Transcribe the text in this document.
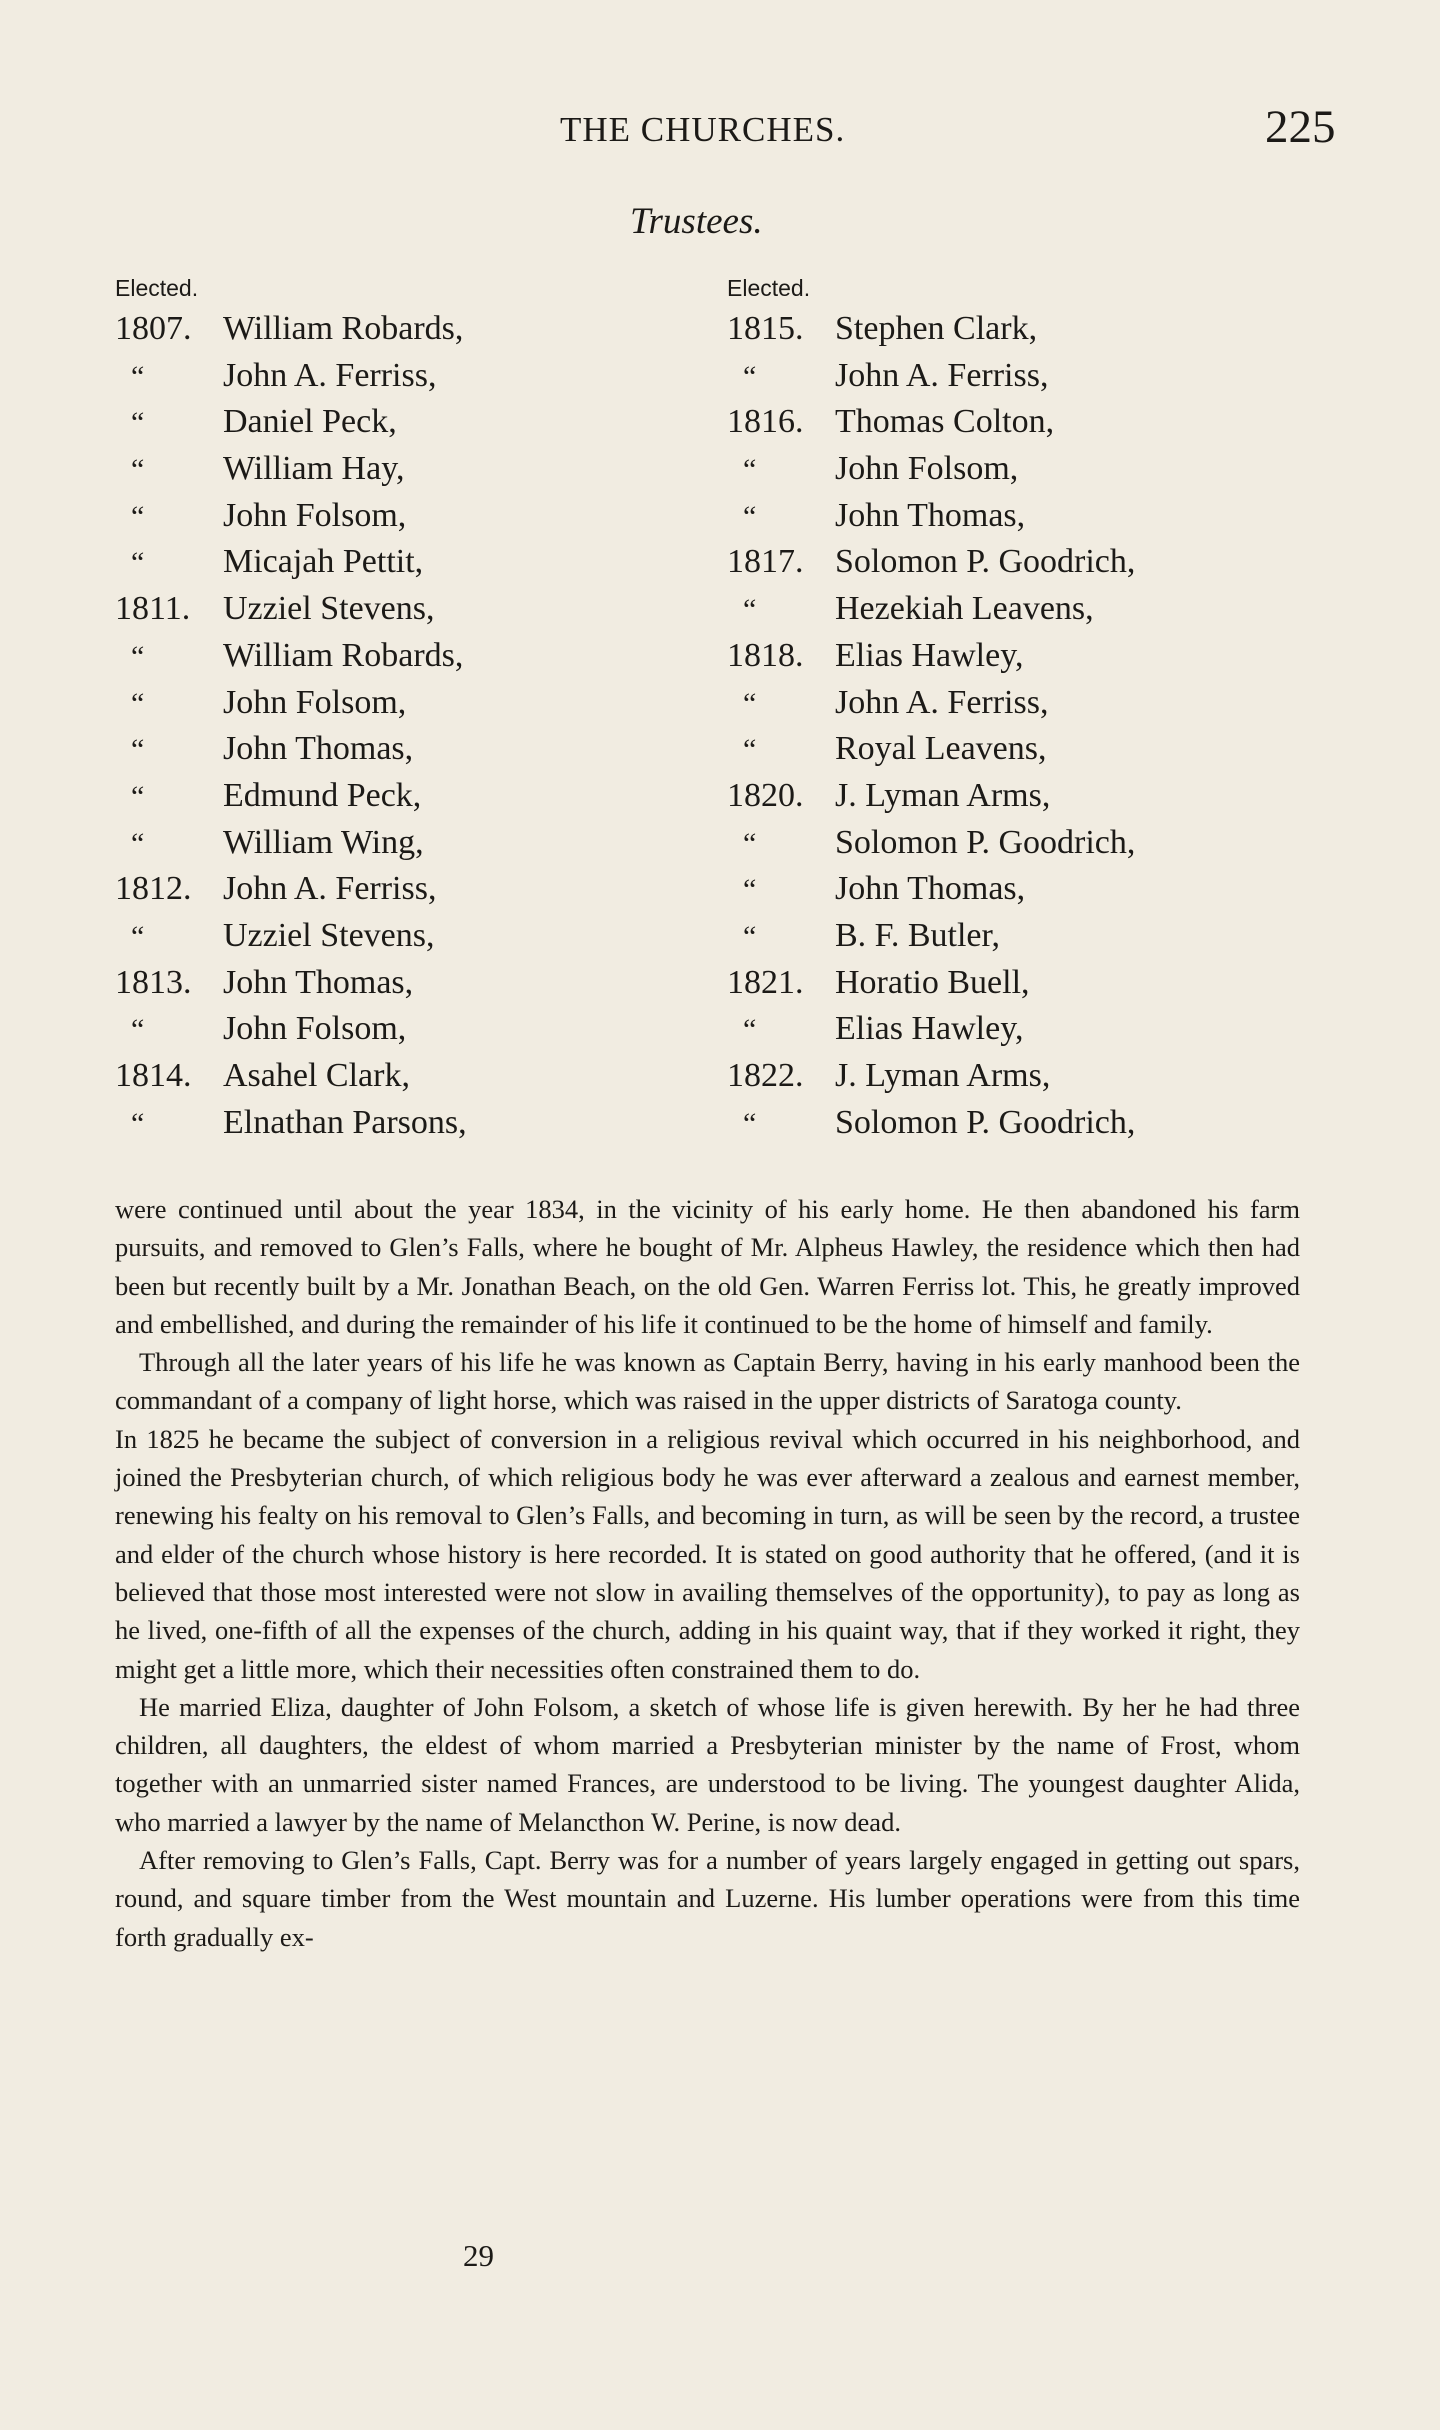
THE CHURCHES.	225
Trustees.
Elected.
1807. William Robards,
“ John A. Ferriss,
“ Daniel Peck,
“ William Hay,
“ John Folsom,
“ Micajah Pettit,
1811. Uzziel Stevens,
“ William Robards,
“ John Folsom,
“ John Thomas,
“ Edmund Peck,
“ William Wing,
1812. John A. Ferriss,
“ Uzziel Stevens,
1813. John Thomas,
“ John Folsom,
1814. Asahel Clark,
“ Elnathan Parsons,
Elected.
1815. Stephen Clark,
“ John A. Ferriss,
1816. Thomas Colton,
“ John Folsom,
“ John Thomas,
1817. Solomon P. Goodrich,
“ Hezekiah Leavens,
1818. Elias Hawley,
“ John A. Ferriss,
“ Royal Leavens,
1820. J. Lyman Arms,
“ Solomon P. Goodrich,
“ John Thomas,
“ B. F. Butler,
1821. Horatio Buell,
“ Elias Hawley,
1822. J. Lyman Arms,
“ Solomon P. Goodrich,

were continued until about the year 1834, in the vicinity of his early home. He then abandoned his farm pursuits, and removed to Glen’s Falls, where he bought of Mr. Alpheus Hawley, the residence which then had been but recently built by a Mr. Jonathan Beach, on the old Gen. Warren Ferriss lot. This, he greatly improved and embellished, and during the remainder of his life it continued to be the home of himself and family.

Through all the later years of his life he was known as Captain Berry, having in his early manhood been the commandant of a company of light horse, which was raised in the upper districts of Saratoga county.

In 1825 he became the subject of conversion in a religious revival which occurred in his neighborhood, and joined the Presbyterian church, of which religious body he was ever afterward a zealous and earnest member, renewing his fealty on his removal to Glen’s Falls, and becoming in turn, as will be seen by the record, a trustee and elder of the church whose history is here recorded. It is stated on good authority that he offered, (and it is believed that those most interested were not slow in availing themselves of the opportunity), to pay as long as he lived, one-fifth of all the expenses of the church, adding in his quaint way, that if they worked it right, they might get a little more, which their necessities often constrained them to do.

He married Eliza, daughter of John Folsom, a sketch of whose life is given herewith. By her he had three children, all daughters, the eldest of whom married a Presbyterian minister by the name of Frost, whom together with an unmarried sister named Frances, are understood to be living. The youngest daughter Alida, who married a lawyer by the name of Melancthon W. Perine, is now dead.

After removing to Glen’s Falls, Capt. Berry was for a number of years largely engaged in getting out spars, round, and square timber from the West mountain and Luzerne. His lumber operations were from this time forth gradually ex-

29
